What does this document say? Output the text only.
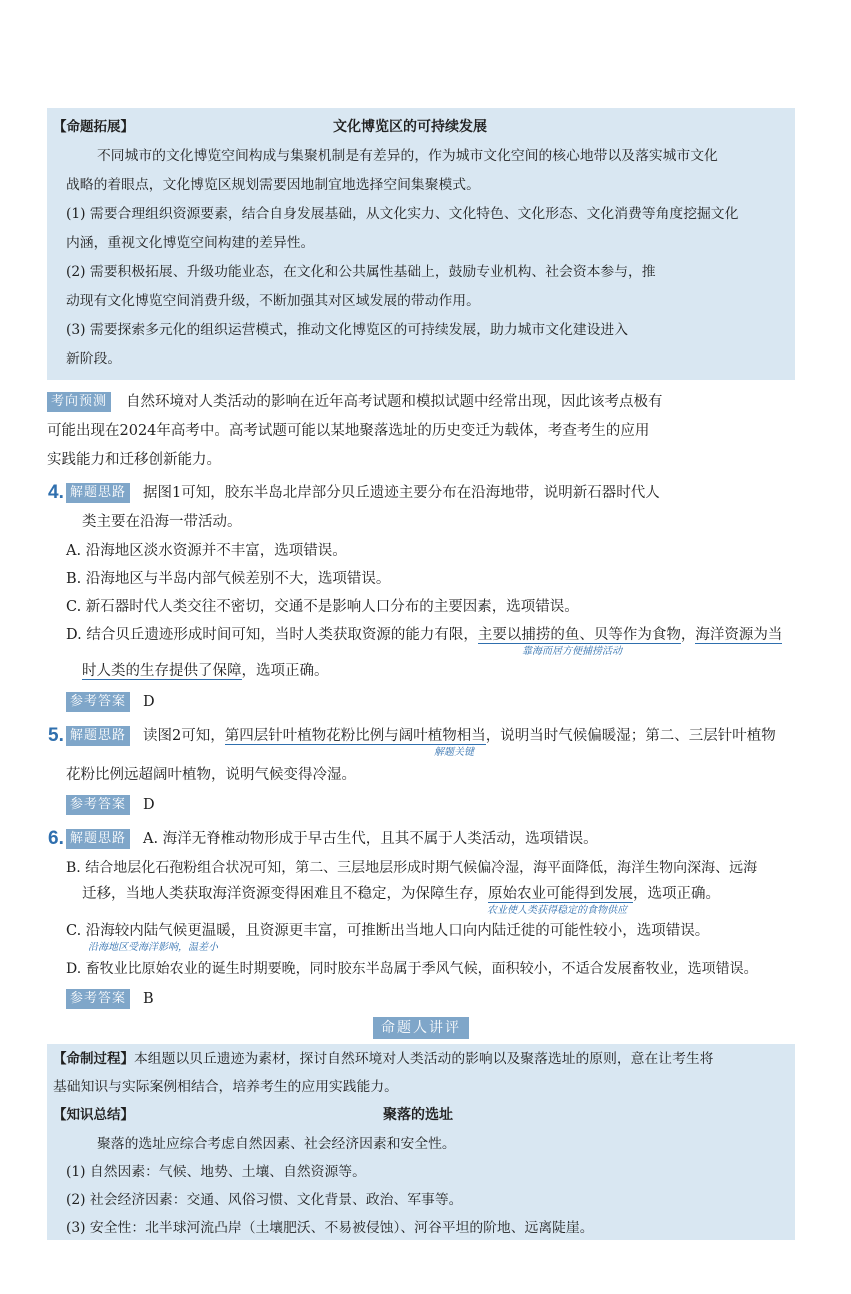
【命题拓展】	文化博览区的可持续发展
不同城市的文化博览空间构成与集聚机制是有差异的，作为城市文化空间的核心地带以及落实城市文化
战略的着眼点，文化博览区规划需要因地制宜地选择空间集聚模式。
(1) 需要合理组织资源要素，结合自身发展基础，从文化实力、文化特色、文化形态、文化消费等角度挖掘文化
内涵，重视文化博览空间构建的差异性。
(2) 需要积极拓展、升级功能业态，在文化和公共属性基础上，鼓励专业机构、社会资本参与，推
动现有文化博览空间消费升级，不断加强其对区域发展的带动作用。
(3) 需要探索多元化的组织运营模式，推动文化博览区的可持续发展，助力城市文化建设进入
新阶段。
考向预测 自然环境对人类活动的影响在近年高考试题和模拟试题中经常出现，因此该考点极有
可能出现在2024年高考中。高考试题可能以某地聚落选址的历史变迁为载体，考查考生的应用
实践能力和迁移创新能力。
4. 解题思路 据图1可知，胶东半岛北岸部分贝丘遗迹主要分布在沿海地带，说明新石器时代人
类主要在沿海一带活动。
A. 沿海地区淡水资源并不丰富，选项错误。
B. 沿海地区与半岛内部气候差别不大，选项错误。
C. 新石器时代人类交往不密切，交通不是影响人口分布的主要因素，选项错误。
D. 结合贝丘遗迹形成时间可知，当时人类获取资源的能力有限，主要以捕捞的鱼、贝等作为食物，海洋资源为当
靠海而居方便捕捞活动
时人类的生存提供了保障，选项正确。
参考答案 D
5. 解题思路 读图2可知，第四层针叶植物花粉比例与阔叶植物相当，说明当时气候偏暖湿；第二、三层针叶植物
解题关键
花粉比例远超阔叶植物，说明气候变得冷湿。
参考答案 D
6. 解题思路 A. 海洋无脊椎动物形成于早古生代，且其不属于人类活动，选项错误。
B. 结合地层化石孢粉组合状况可知，第二、三层地层形成时期气候偏冷湿，海平面降低，海洋生物向深海、远海
迁移，当地人类获取海洋资源变得困难且不稳定，为保障生存，原始农业可能得到发展，选项正确。
农业使人类获得稳定的食物供应
C. 沿海较内陆气候更温暖，且资源更丰富，可推断出当地人口向内陆迁徙的可能性较小，选项错误。
沿海地区受海洋影响，温差小
D. 畜牧业比原始农业的诞生时期要晚，同时胶东半岛属于季风气候，面积较小，不适合发展畜牧业，选项错误。
参考答案 B
命题人讲评
【命制过程】本组题以贝丘遗迹为素材，探讨自然环境对人类活动的影响以及聚落选址的原则，意在让考生将
基础知识与实际案例相结合，培养考生的应用实践能力。
【知识总结】	聚落的选址
聚落的选址应综合考虑自然因素、社会经济因素和安全性。
(1) 自然因素：气候、地势、土壤、自然资源等。
(2) 社会经济因素：交通、风俗习惯、文化背景、政治、军事等。
(3) 安全性：北半球河流凸岸（土壤肥沃、不易被侵蚀）、河谷平坦的阶地、远离陡崖。
